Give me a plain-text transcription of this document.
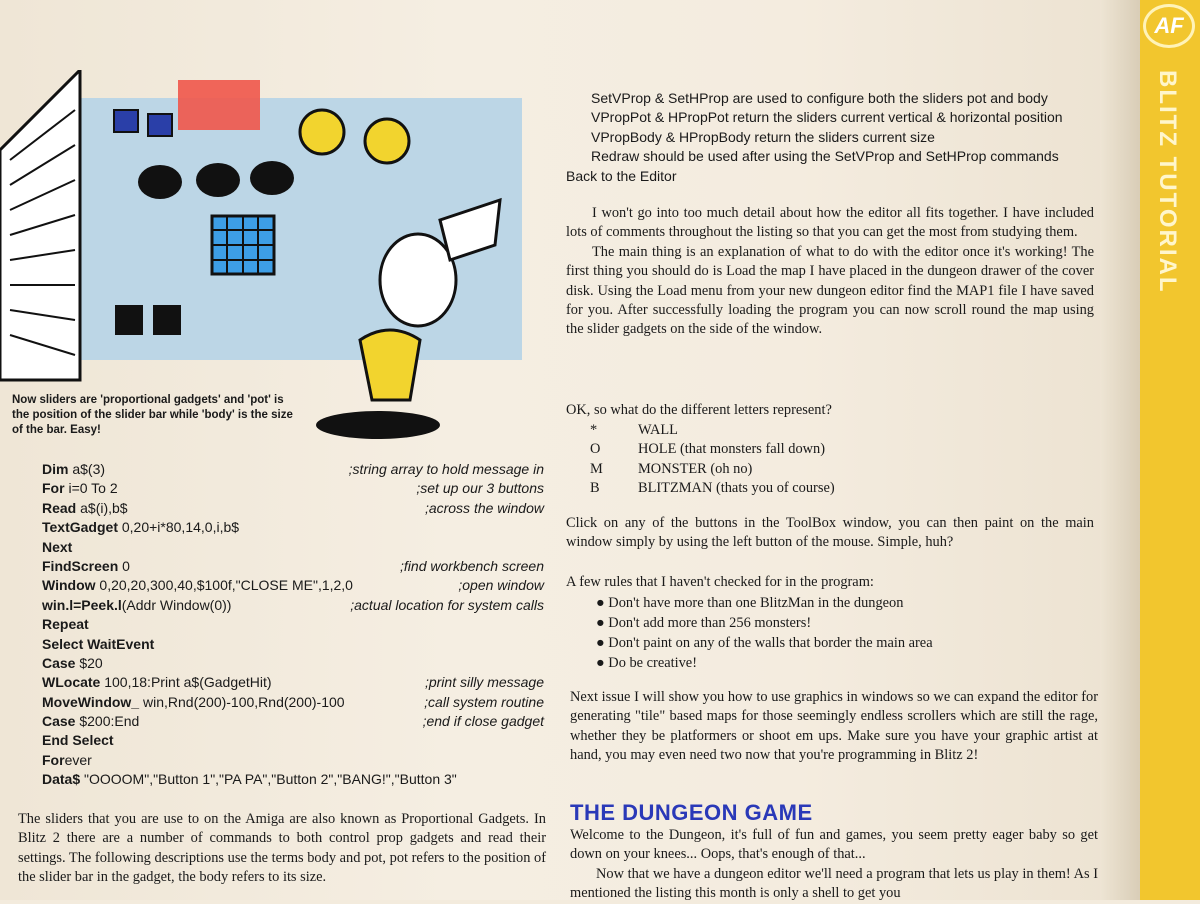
AF
BLITZ TUTORIAL
Now sliders are 'proportional gadgets' and 'pot' is the position of the slider bar while 'body' is the size of the bar. Easy!
Dim a$(3)	;string array to hold message in
For i=0 To 2	;set up our 3 buttons
Read a$(i),b$	;across the window
TextGadget 0,20+i*80,14,0,i,b$
Next
FindScreen 0	;find workbench screen
Window 0,20,20,300,40,$100f,"CLOSE ME",1,2,0	;open window
win.l=Peek.l(Addr Window(0))	;actual location for system calls
Repeat
Select WaitEvent
Case $20
WLocate 100,18:Print a$(GadgetHit)	;print silly message
MoveWindow_ win,Rnd(200)-100,Rnd(200)-100	;call system routine
Case $200:End	;end if close gadget
End Select
Forever
Data$ "OOOOM","Button 1","PA PA","Button 2","BANG!","Button 3"
The sliders that you are use to on the Amiga are also known as Proportional Gadgets. In Blitz 2 there are a number of commands to both control prop gadgets and read their settings. The following descriptions use the terms body and pot, pot refers to the position of the slider bar in the gadget, the body refers to its size.
SetVProp & SetHProp are used to configure both the sliders pot and body
VPropPot & HPropPot return the sliders current vertical & horizontal position
VPropBody & HPropBody return the sliders current size
Redraw should be used after using the SetVProp and SetHProp commands
Back to the Editor

I won't go into too much detail about how the editor all fits together. I have included lots of comments throughout the listing so that you can get the most from studying them.

The main thing is an explanation of what to do with the editor once it's working! The first thing you should do is Load the map I have placed in the dungeon drawer of the cover disk. Using the Load menu from your new dungeon editor find the MAP1 file I have saved for you. After successfully loading the program you can now scroll round the map using the slider gadgets on the side of the window.

OK, so what do the different letters represent?
*	WALL
O	HOLE (that monsters fall down)
M	MONSTER (oh no)
B	BLITZMAN (thats you of course)
Click on any of the buttons in the ToolBox window, you can then paint on the main window simply by using the left button of the mouse. Simple, huh?
A few rules that I haven't checked for in the program:
● Don't have more than one BlitzMan in the dungeon
● Don't add more than 256 monsters!
● Don't paint on any of the walls that border the main area
● Do be creative!
Next issue I will show you how to use graphics in windows so we can expand the editor for generating "tile" based maps for those seemingly endless scrollers which are still the rage, whether they be platformers or shoot em ups. Make sure you have your graphic artist at hand, you may even need two now that you're programming in Blitz 2!
THE DUNGEON GAME

Welcome to the Dungeon, it's full of fun and games, you seem pretty eager baby so get down on your knees... Oops, that's enough of that...

Now that we have a dungeon editor we'll need a program that lets us play in them! As I mentioned the listing this month is only a shell to get you
